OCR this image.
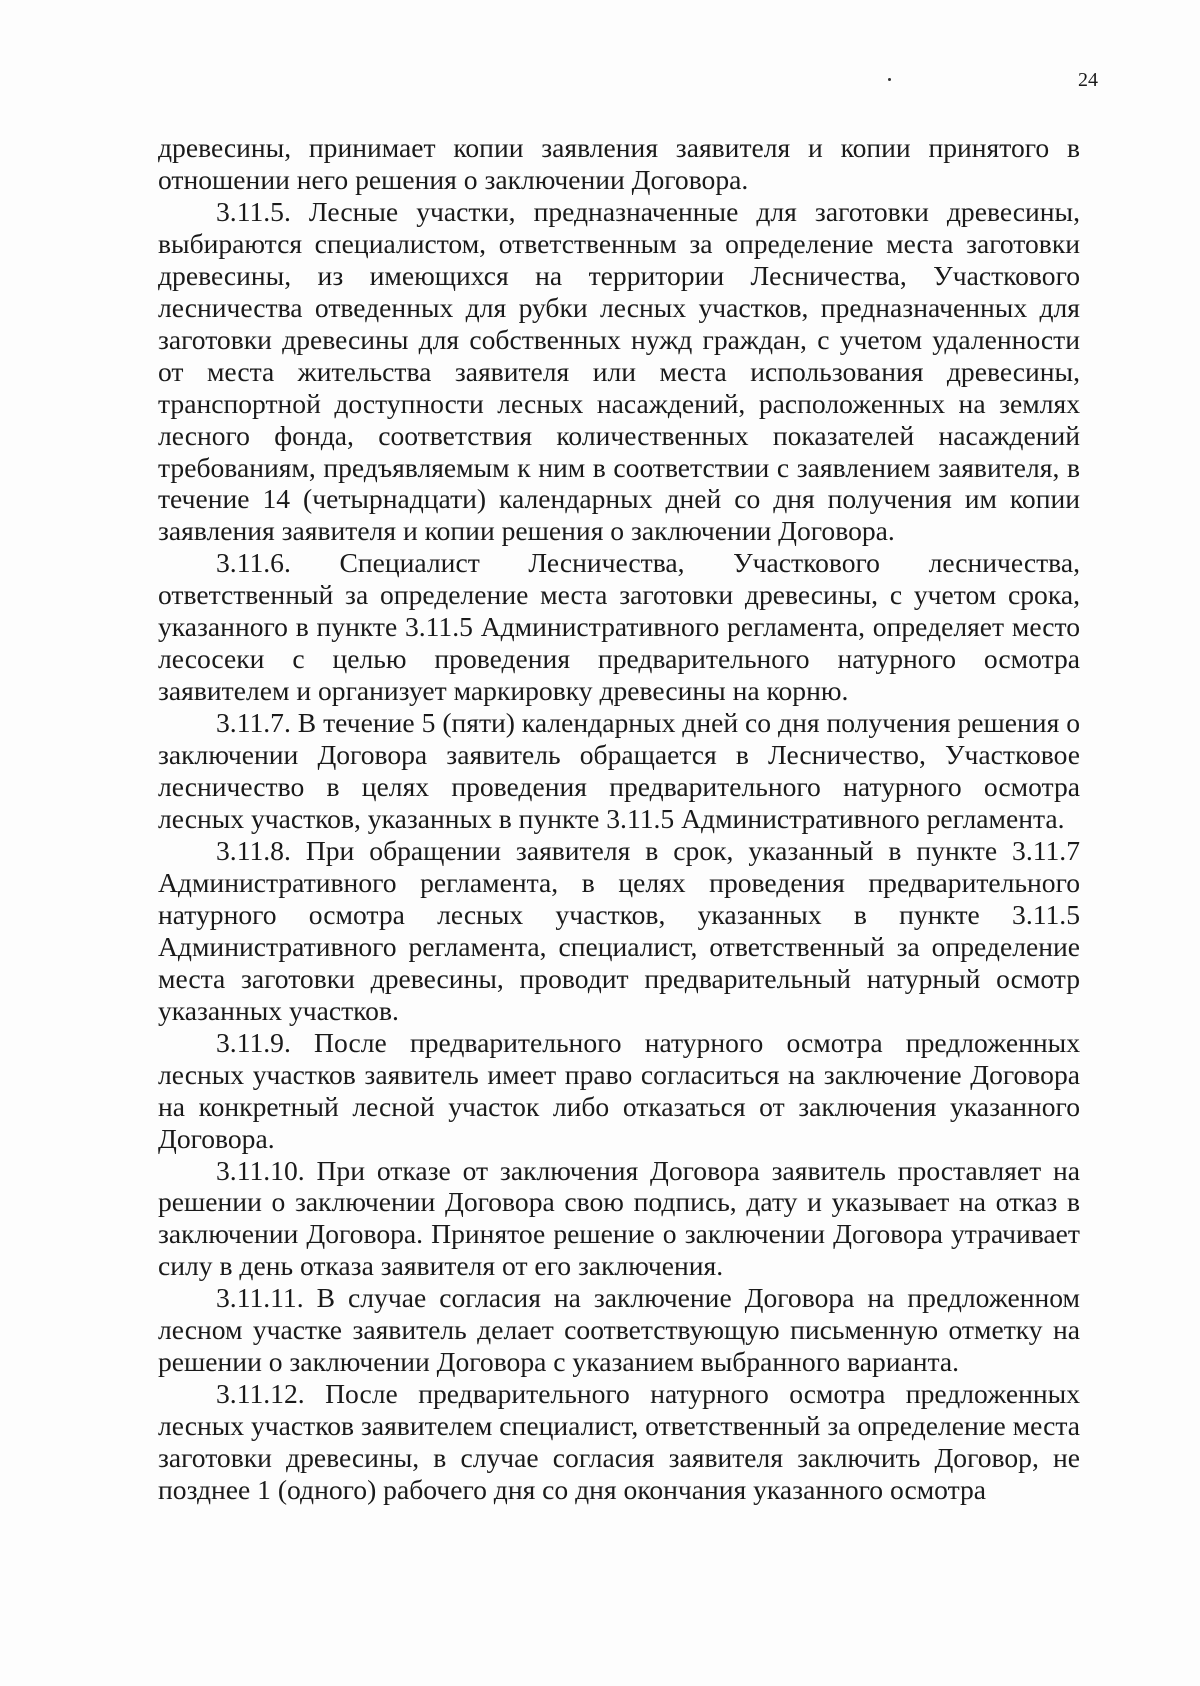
24

древесины, принимает копии заявления заявителя и копии принятого в отношении него решения о заключении Договора.

3.11.5. Лесные участки, предназначенные для заготовки древесины, выбираются специалистом, ответственным за определение места заготовки древесины, из имеющихся на территории Лесничества, Участкового лесничества отведенных для рубки лесных участков, предназначенных для заготовки древесины для собственных нужд граждан, с учетом удаленности от места жительства заявителя или места использования древесины, транспортной доступности лесных насаждений, расположенных на землях лесного фонда, соответствия количественных показателей насаждений требованиям, предъявляемым к ним в соответствии с заявлением заявителя, в течение 14 (четырнадцати) календарных дней со дня получения им копии заявления заявителя и копии решения о заключении Договора.

3.11.6. Специалист Лесничества, Участкового лесничества, ответственный за определение места заготовки древесины, с учетом срока, указанного в пункте 3.11.5 Административного регламента, определяет место лесосеки с целью проведения предварительного натурного осмотра заявителем и организует маркировку древесины на корню.

3.11.7. В течение 5 (пяти) календарных дней со дня получения решения о заключении Договора заявитель обращается в Лесничество, Участковое лесничество в целях проведения предварительного натурного осмотра лесных участков, указанных в пункте 3.11.5 Административного регламента.

3.11.8. При обращении заявителя в срок, указанный в пункте 3.11.7 Административного регламента, в целях проведения предварительного натурного осмотра лесных участков, указанных в пункте 3.11.5 Административного регламента, специалист, ответственный за определение места заготовки древесины, проводит предварительный натурный осмотр указанных участков.

3.11.9. После предварительного натурного осмотра предложенных лесных участков заявитель имеет право согласиться на заключение Договора на конкретный лесной участок либо отказаться от заключения указанного Договора.

3.11.10. При отказе от заключения Договора заявитель проставляет на решении о заключении Договора свою подпись, дату и указывает на отказ в заключении Договора. Принятое решение о заключении Договора утрачивает силу в день отказа заявителя от его заключения.

3.11.11. В случае согласия на заключение Договора на предложенном лесном участке заявитель делает соответствующую письменную отметку на решении о заключении Договора с указанием выбранного варианта.

3.11.12. После предварительного натурного осмотра предложенных лесных участков заявителем специалист, ответственный за определение места заготовки древесины, в случае согласия заявителя заключить Договор, не позднее 1 (одного) рабочего дня со дня окончания указанного осмотра
